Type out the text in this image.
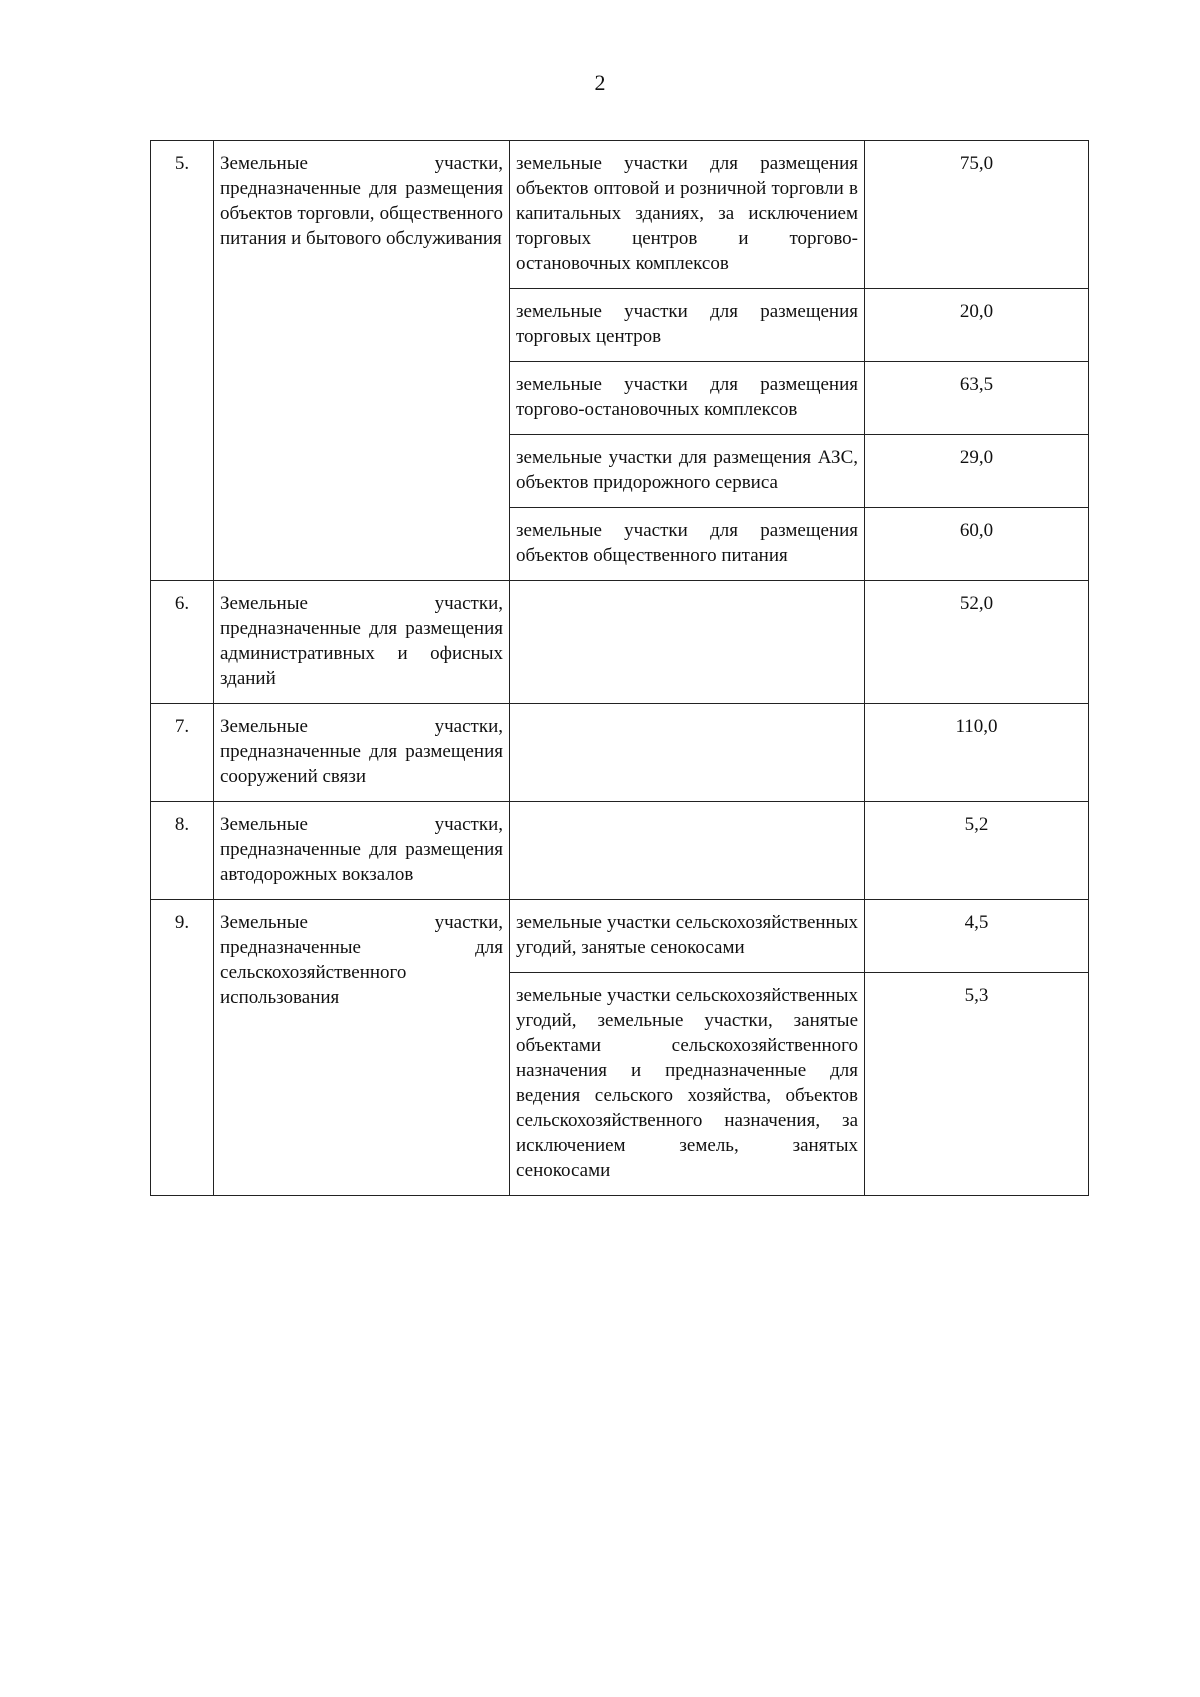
2
5.	Земельные участки, предназначенные для размещения объектов торговли, общественного питания и бытового обслуживания	земельные участки для размещения объектов оптовой и розничной торговли в капитальных зданиях, за исключением торговых центров и торгово-остановочных комплексов	75,0
		земельные участки для размещения торговых центров	20,0
		земельные участки для размещения торгово-остановочных комплексов	63,5
		земельные участки для размещения АЗС, объектов придорожного сервиса	29,0
		земельные участки для размещения объектов общественного питания	60,0
6.	Земельные участки, предназначенные для размещения административных и офисных зданий		52,0
7.	Земельные участки, предназначенные для размещения сооружений связи		110,0
8.	Земельные участки, предназначенные для размещения автодорожных вокзалов		5,2
9.	Земельные участки, предназначенные для сельскохозяйственного использования	земельные участки сельскохозяйственных угодий, занятые сенокосами	4,5
		земельные участки сельскохозяйственных угодий, земельные участки, занятые объектами сельскохозяйственного назначения и предназначенные для ведения сельского хозяйства, объектов сельскохозяйственного назначения, за исключением земель, занятых сенокосами	5,3
